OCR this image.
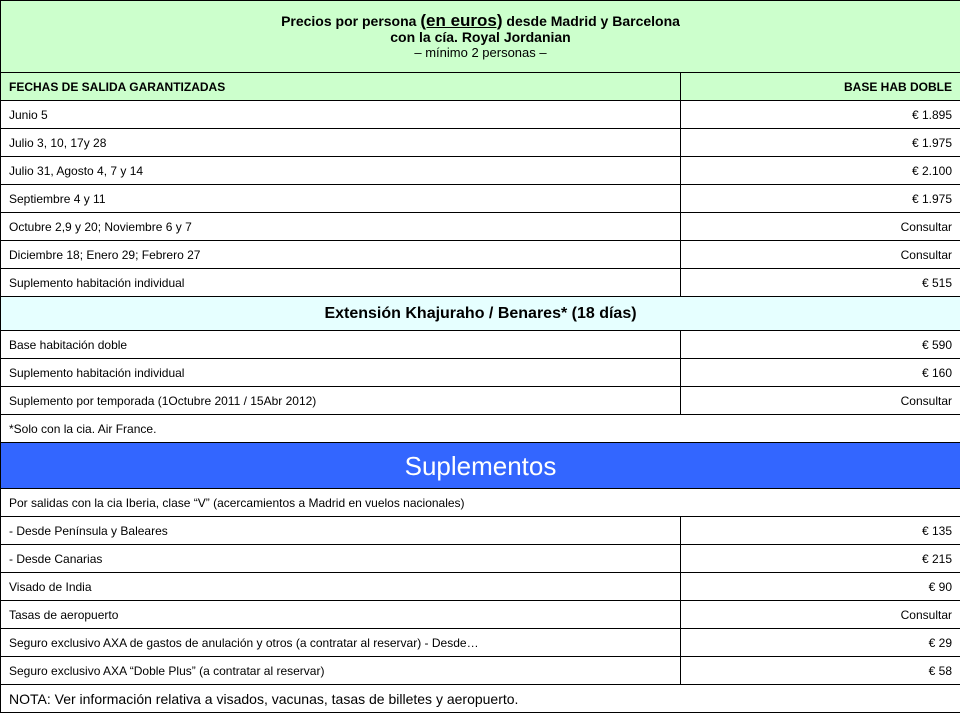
Precios por persona (en euros) desde Madrid y Barcelona
con la cía. Royal Jordanian
– mínimo 2 personas –	

FECHAS DE SALIDA GARANTIZADAS	BASE HAB DOBLE
Junio 5	€ 1.895
Julio 3, 10, 17y 28	€ 1.975
Julio 31, Agosto 4, 7 y 14	€ 2.100
Septiembre 4 y 11	€ 1.975
Octubre 2,9 y 20; Noviembre 6 y 7	Consultar
Diciembre 18; Enero 29; Febrero 27	Consultar
Suplemento habitación individual	€ 515
Extensión Khajuraho / Benares* (18 días)	
Base habitación doble	€ 590
Suplemento habitación individual	€ 160
Suplemento por temporada (1Octubre 2011 / 15Abr 2012)	Consultar
*Solo con la cia. Air France.	
Suplementos	
Por salidas con la cia Iberia, clase “V” (acercamientos a Madrid en vuelos nacionales)	
- Desde Península y Baleares	€ 135
- Desde Canarias	€ 215
Visado de India	€ 90
Tasas de aeropuerto	Consultar
Seguro exclusivo AXA de gastos de anulación y otros (a contratar al reservar) - Desde…	€ 29
Seguro exclusivo AXA “Doble Plus” (a contratar al reservar)	€ 58
NOTA: Ver información relativa a visados, vacunas, tasas de billetes y aeropuerto.	
